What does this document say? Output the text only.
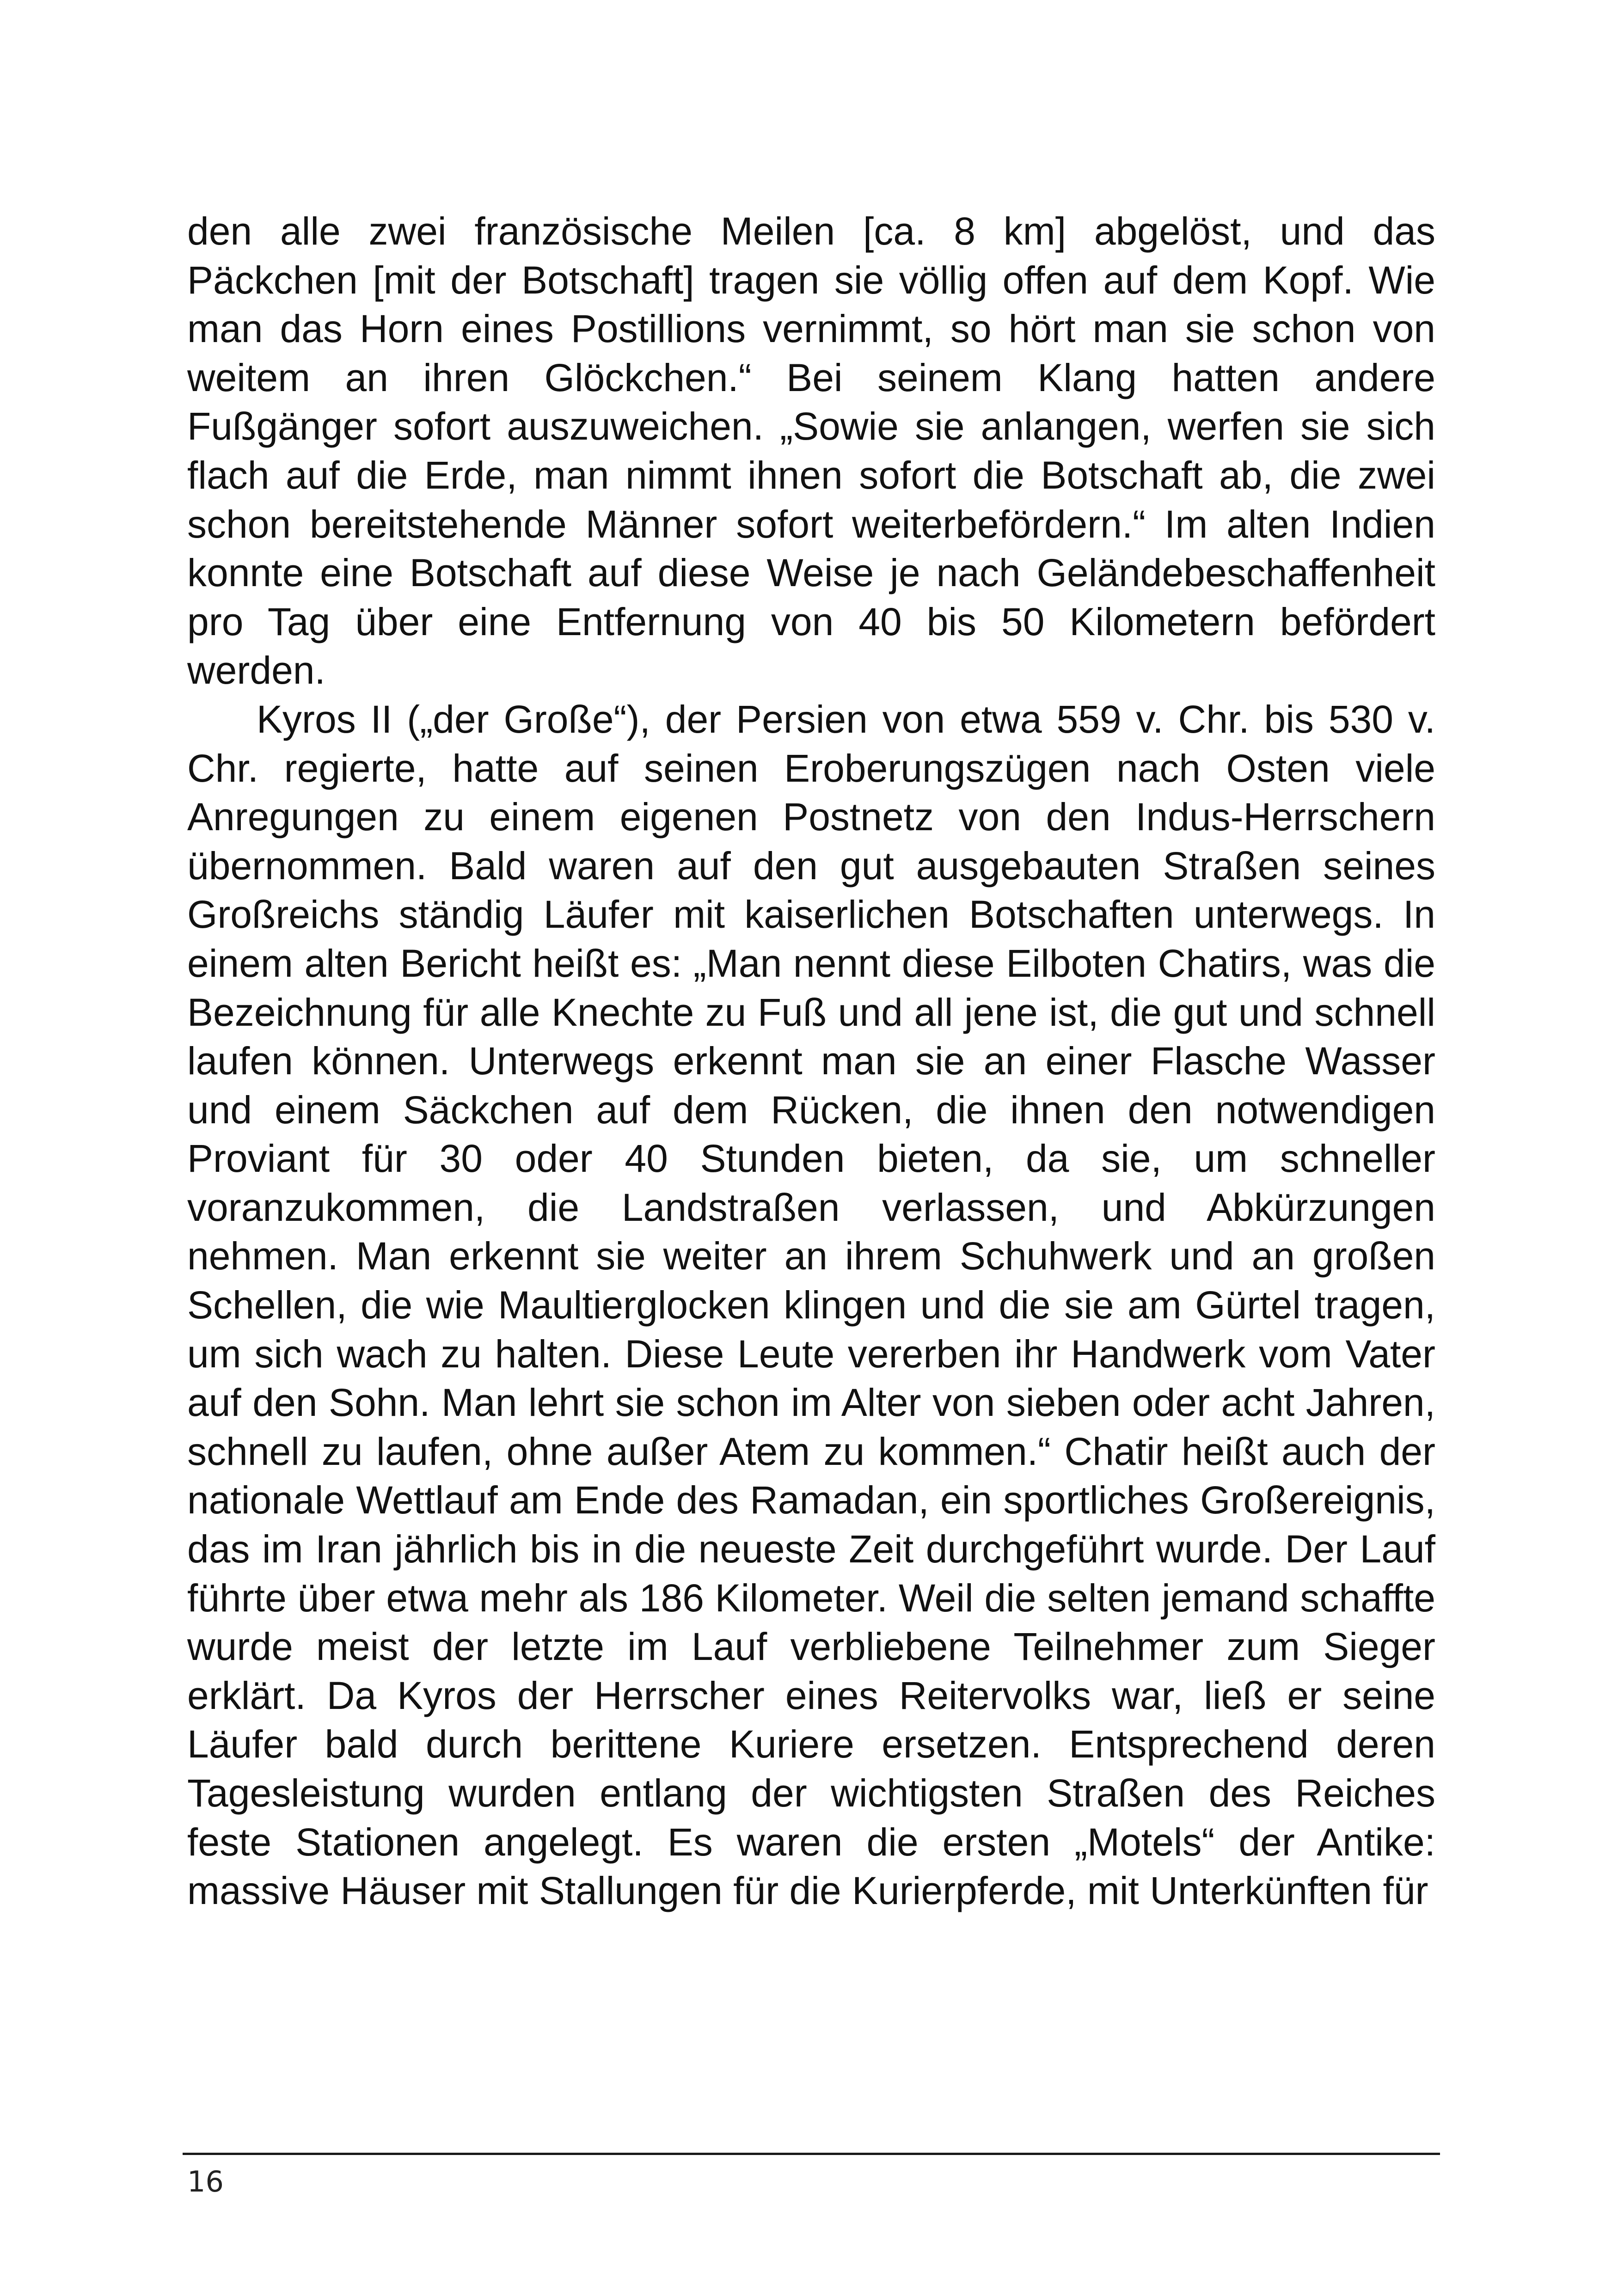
den alle zwei französische Meilen [ca. 8 km] abgelöst, und das Päckchen [mit der Botschaft] tragen sie völlig offen auf dem Kopf. Wie man das Horn eines Postillions vernimmt, so hört man sie schon von weitem an ihren Glöckchen.“ Bei seinem Klang hatten andere Fußgänger sofort auszuweichen. „Sowie sie anlangen, werfen sie sich flach auf die Erde, man nimmt ihnen sofort die Botschaft ab, die zwei schon bereitstehende Männer sofort weiterbefördern.“ Im alten Indien konnte eine Botschaft auf diese Weise je nach Geländebeschaffenheit pro Tag über eine Entfernung von 40 bis 50 Kilometern befördert werden.

Kyros II („der Große“), der Persien von etwa 559 v. Chr. bis 530 v. Chr. regierte, hatte auf seinen Eroberungszügen nach Osten viele Anregungen zu einem eigenen Postnetz von den Indus-Herrschern übernommen. Bald waren auf den gut ausgebauten Straßen seines Großreichs ständig Läufer mit kaiserlichen Botschaften unterwegs. In einem alten Bericht heißt es: „Man nennt diese Eilboten Chatirs, was die Bezeichnung für alle Knechte zu Fuß und all jene ist, die gut und schnell laufen können. Unterwegs erkennt man sie an einer Flasche Wasser und einem Säckchen auf dem Rücken, die ihnen den notwendigen Proviant für 30 oder 40 Stunden bieten, da sie, um schneller voranzukommen, die Landstraßen verlassen, und Abkürzungen nehmen. Man erkennt sie weiter an ihrem Schuhwerk und an großen Schellen, die wie Maultierglocken klingen und die sie am Gürtel tragen, um sich wach zu halten. Diese Leute vererben ihr Handwerk vom Vater auf den Sohn. Man lehrt sie schon im Alter von sieben oder acht Jahren, schnell zu laufen, ohne außer Atem zu kommen.“ Chatir heißt auch der nationale Wettlauf am Ende des Ramadan, ein sportliches Großereignis, das im Iran jährlich bis in die neueste Zeit durchgeführt wurde. Der Lauf führte über etwa mehr als 186 Kilometer. Weil die selten jemand schaffte wurde meist der letzte im Lauf verbliebene Teilnehmer zum Sieger erklärt. Da Kyros der Herrscher eines Reitervolks war, ließ er seine Läufer bald durch berittene Kuriere ersetzen. Entsprechend deren Tagesleistung wurden entlang der wichtigsten Straßen des Reiches feste Stationen angelegt. Es waren die ersten „Motels“ der Antike: massive Häuser mit Stallungen für die Kurierpferde, mit Unterkünften für

16
